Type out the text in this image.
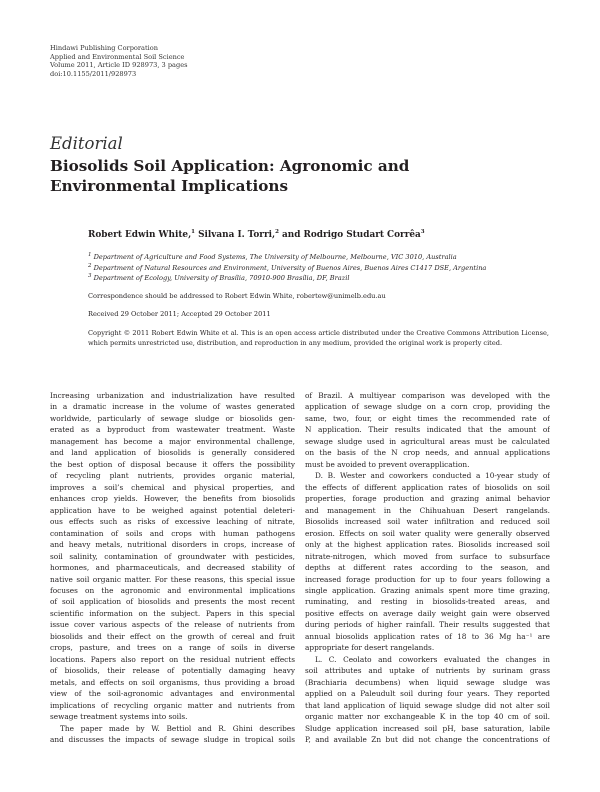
Hindawi Publishing Corporation
Applied and Environmental Soil Science
Volume 2011, Article ID 928973, 3 pages
doi:10.1155/2011/928973
Editorial
Biosolids Soil Application: Agronomic and Environmental Implications
Robert Edwin White,$^1$ Silvana I. Torri,$^2$ and Rodrigo Studart Corrêa$^3$
$^1$ Department of Agriculture and Food Systems, The University of Melbourne, Melbourne, VIC 3010, Australia
$^2$ Department of Natural Resources and Environment, University of Buenos Aires, Buenos Aires C1417 DSE, Argentina
$^3$ Department of Ecology, University of Brasília, 70910-900 Brasília, DF, Brazil
Correspondence should be addressed to Robert Edwin White, robertew@unimelb.edu.au
Received 29 October 2011; Accepted 29 October 2011
Copyright © 2011 Robert Edwin White et al. This is an open access article distributed under the Creative Commons Attribution License, which permits unrestricted use, distribution, and reproduction in any medium, provided the original work is properly cited.
Increasing urbanization and industrialization have resulted
in a dramatic increase in the volume of wastes generated
worldwide, particularly of sewage sludge or biosolids gen-
erated as a byproduct from wastewater treatment. Waste
management has become a major environmental challenge,
and land application of biosolids is generally considered
the best option of disposal because it offers the possibility
of recycling plant nutrients, provides organic material,
improves a soil’s chemical and physical properties, and
enhances crop yields. However, the benefits from biosolids
application have to be weighed against potential deleteri-
ous effects such as risks of excessive leaching of nitrate,
contamination of soils and crops with human pathogens
and heavy metals, nutritional disorders in crops, increase of
soil salinity, contamination of groundwater with pesticides,
hormones, and pharmaceuticals, and decreased stability of
native soil organic matter. For these reasons, this special issue
focuses on the agronomic and environmental implications
of soil application of biosolids and presents the most recent
scientific information on the subject. Papers in this special
issue cover various aspects of the release of nutrients from
biosolids and their effect on the growth of cereal and fruit
crops, pasture, and trees on a range of soils in diverse
locations. Papers also report on the residual nutrient effects
of biosolids, their release of potentially damaging heavy
metals, and effects on soil organisms, thus providing a broad
view of the soil-agronomic advantages and environmental
implications of recycling organic matter and nutrients from
sewage treatment systems into soils.
The paper made by W. Bettiol and R. Ghini describes
and discusses the impacts of sewage sludge in tropical soils
of Brazil. A multiyear comparison was developed with the
application of sewage sludge on a corn crop, providing the
same, two, four, or eight times the recommended rate of
N application. Their results indicated that the amount of
sewage sludge used in agricultural areas must be calculated
on the basis of the N crop needs, and annual applications
must be avoided to prevent overapplication.
D. B. Wester and coworkers conducted a 10-year study of
the effects of different application rates of biosolids on soil
properties, forage production and grazing animal behavior
and management in the Chihuahuan Desert rangelands.
Biosolids increased soil water infiltration and reduced soil
erosion. Effects on soil water quality were generally observed
only at the highest application rates. Biosolids increased soil
nitrate-nitrogen, which moved from surface to subsurface
depths at different rates according to the season, and
increased forage production for up to four years following a
single application. Grazing animals spent more time grazing,
ruminating, and resting in biosolids-treated areas, and
positive effects on average daily weight gain were observed
during periods of higher rainfall. Their results suggested that
annual biosolids application rates of 18 to 36 Mg ha⁻¹ are
appropriate for desert rangelands.
L. C. Ceolato and coworkers evaluated the changes in
soil attributes and uptake of nutrients by surinam grass
(Brachiaria decumbens) when liquid sewage sludge was
applied on a Paleudult soil during four years. They reported
that land application of liquid sewage sludge did not alter soil
organic matter nor exchangeable K in the top 40 cm of soil.
Sludge application increased soil pH, base saturation, labile
P, and available Zn but did not change the concentrations of
